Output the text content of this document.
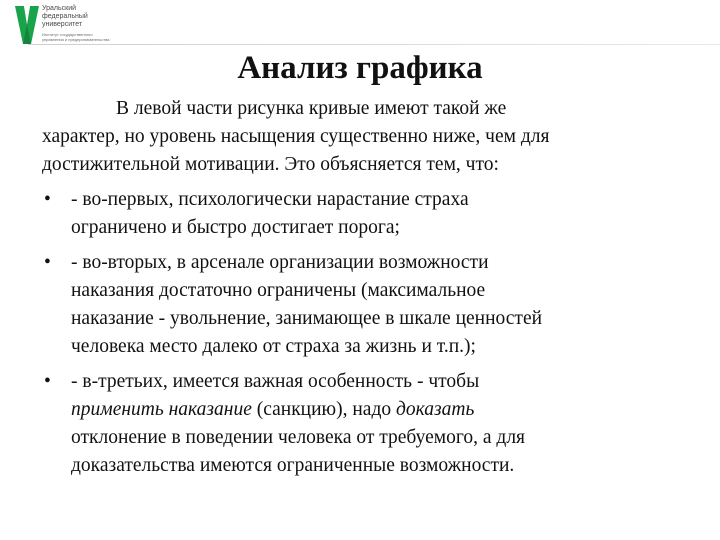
Уральский
федеральный
университет
Институт государственного
управления и предпринимательства
Анализ графика
В левой части рисунка кривые имеют такой же
характер, но уровень насыщения существенно ниже, чем для
достижительной мотивации. Это объясняется тем, что:
• - во-первых, психологически нарастание страха
ограничено и быстро достигает порога;
• - во-вторых, в арсенале организации возможности
наказания достаточно ограничены (максимальное
наказание - увольнение, занимающее в шкале ценностей
человека место далеко от страха за жизнь и т.п.);
• - в-третьих, имеется важная особенность - чтобы
применить наказание (санкцию), надо доказать
отклонение в поведении человека от требуемого, а для
доказательства имеются ограниченные возможности.
